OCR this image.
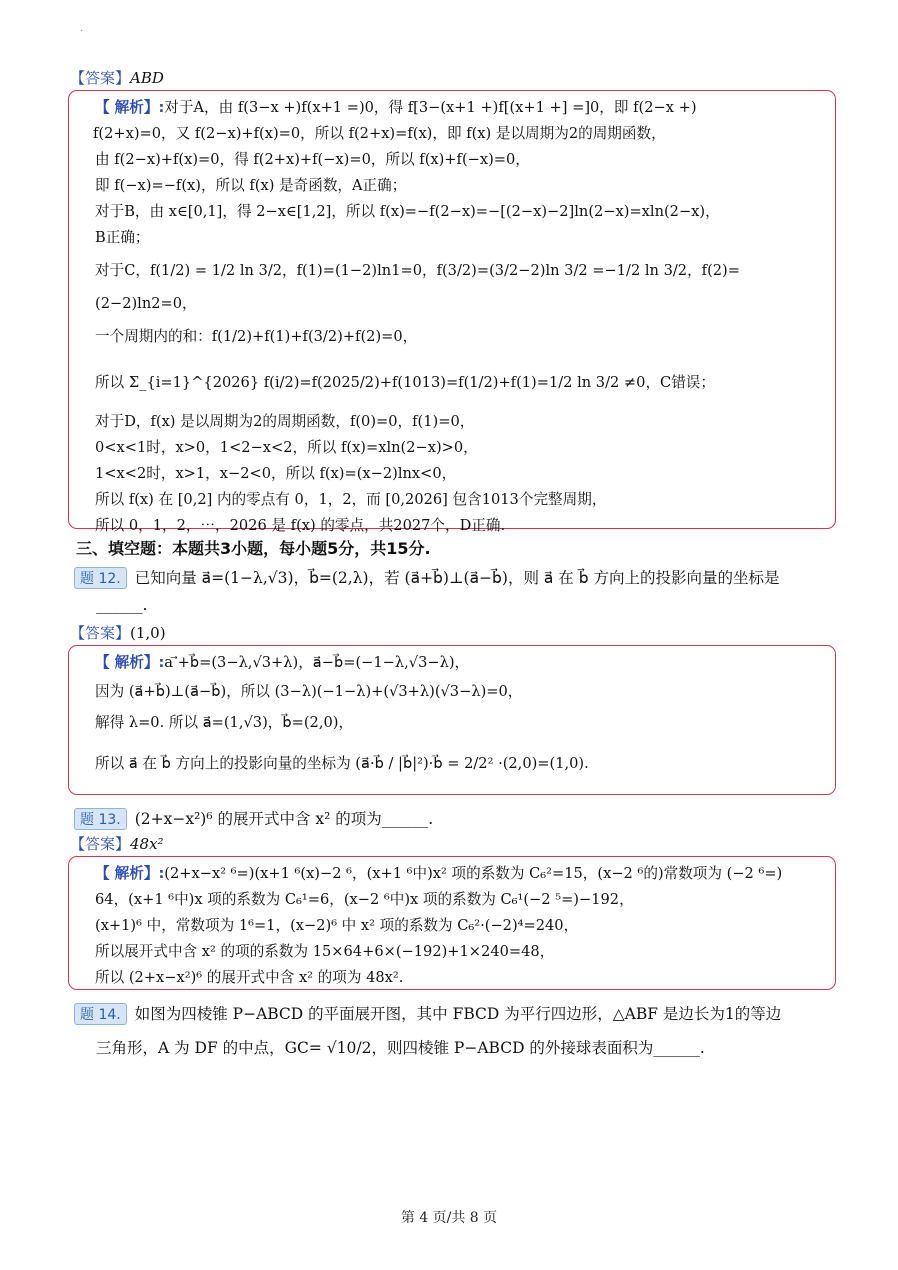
·
【答案】ABD
【 解析】:对于A，由 f(3−x +)f(x+1 =)0，得 f[3−(x+1 +)f[(x+1 +] =]0，即 f(2−x +)
f(2+x)=0，又 f(2−x)+f(x)=0，所以 f(2+x)=f(x)，即 f(x) 是以周期为2的周期函数，
由 f(2−x)+f(x)=0，得 f(2+x)+f(−x)=0，所以 f(x)+f(−x)=0，
即 f(−x)=−f(x)，所以 f(x) 是奇函数，A正确；
对于B，由 x∈[0,1]，得 2−x∈[1,2]，所以 f(x)=−f(2−x)=−[(2−x)−2]ln(2−x)=xln(2−x)，
B正确；
对于C，f(1/2) = 1/2 ln 3/2，f(1)=(1−2)ln1=0，f(3/2)=(3/2−2)ln 3/2 =−1/2 ln 3/2，f(2)=
(2−2)ln2=0，
一个周期内的和：f(1/2)+f(1)+f(3/2)+f(2)=0，
所以 Σ_{i=1}^{2026} f(i/2)=f(2025/2)+f(1013)=f(1/2)+f(1)=1/2 ln 3/2 ≠0，C错误；
对于D，f(x) 是以周期为2的周期函数，f(0)=0，f(1)=0，
0<x<1时，x>0，1<2−x<2，所以 f(x)=xln(2−x)>0，
1<x<2时，x>1，x−2<0，所以 f(x)=(x−2)lnx<0，
所以 f(x) 在 [0,2] 内的零点有 0，1，2，而 [0,2026] 包含1013个完整周期，
所以 0，1，2，⋯，2026 是 f(x) 的零点，共2027个，D正确.
三、填空题：本题共3小题，每小题5分，共15分.
题 12. 已知向量 a⃗=(1−λ,√3)，b⃗=(2,λ)，若 (a⃗+b⃗)⊥(a⃗−b⃗)，则 a⃗ 在 b⃗ 方向上的投影向量的坐标是
______.
【答案】(1,0)
【 解析】:a ⃗+b⃗=(3−λ,√3+λ)，a⃗−b⃗=(−1−λ,√3−λ)，
因为 (a⃗+b⃗)⊥(a⃗−b⃗)，所以 (3−λ)(−1−λ)+(√3+λ)(√3−λ)=0，
解得 λ=0. 所以 a⃗=(1,√3)，b⃗=(2,0)，
所以 a⃗ 在 b⃗ 方向上的投影向量的坐标为 (a⃗·b⃗ / |b⃗|²)·b⃗ = 2/2² ·(2,0)=(1,0).
题 13. (2+x−x²)⁶ 的展开式中含 x² 的项为______.
【答案】48x²
【 解析】:(2+x−x² ⁶=)(x+1 ⁶(x)−2 ⁶，(x+1 ⁶中)x² 项的系数为 C₆²=15，(x−2 ⁶的)常数项为 (−2 ⁶=)
64，(x+1 ⁶中)x 项的系数为 C₆¹=6，(x−2 ⁶中)x 项的系数为 C₆¹(−2 ⁵=)−192，
(x+1)⁶ 中，常数项为 1⁶=1，(x−2)⁶ 中 x² 项的系数为 C₆²·(−2)⁴=240，
所以展开式中含 x² 的项的系数为 15×64+6×(−192)+1×240=48，
所以 (2+x−x²)⁶ 的展开式中含 x² 的项为 48x².
题 14. 如图为四棱锥 P−ABCD 的平面展开图，其中 FBCD 为平行四边形，△ABF 是边长为1的等边
三角形，A 为 DF 的中点，GC= √10/2，则四棱锥 P−ABCD 的外接球表面积为______.
第 4 页/共 8 页
